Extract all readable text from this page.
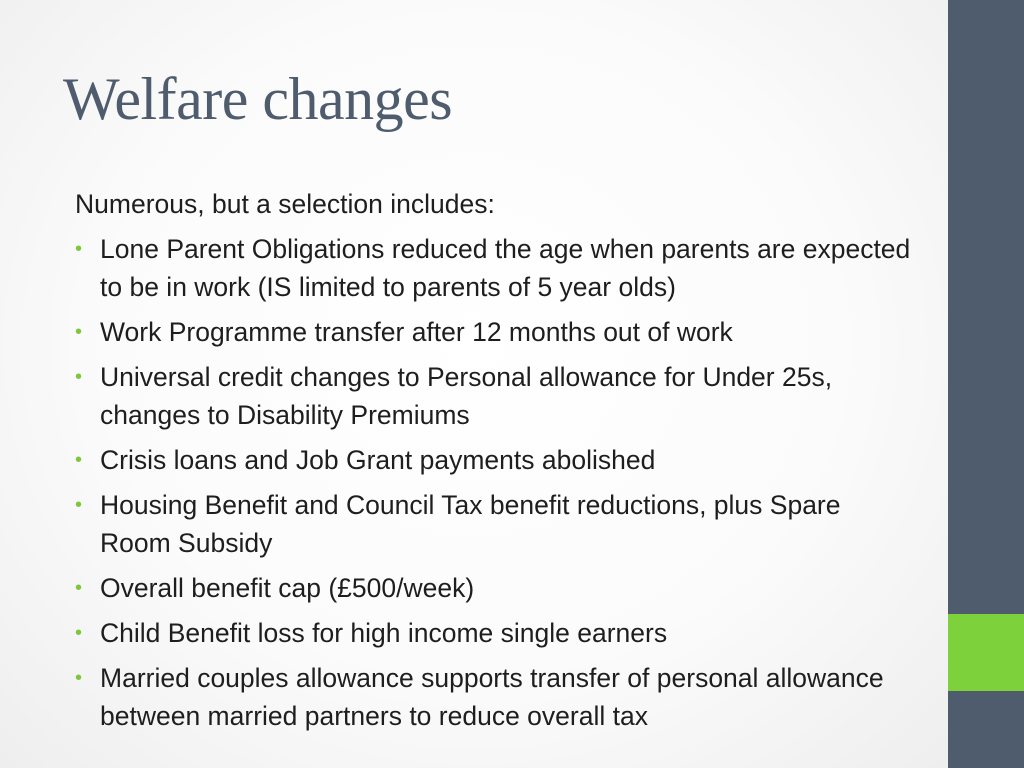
Welfare changes

Numerous, but a selection includes:

• Lone Parent Obligations reduced the age when parents are expected to be in work (IS limited to parents of 5 year olds)
• Work Programme transfer after 12 months out of work
• Universal credit changes to Personal allowance for Under 25s, changes to Disability Premiums
• Crisis loans and Job Grant payments abolished
• Housing Benefit and Council Tax benefit reductions, plus Spare Room Subsidy
• Overall benefit cap (£500/week)
• Child Benefit loss for high income single earners
• Married couples allowance supports transfer of personal allowance between married partners to reduce overall tax
